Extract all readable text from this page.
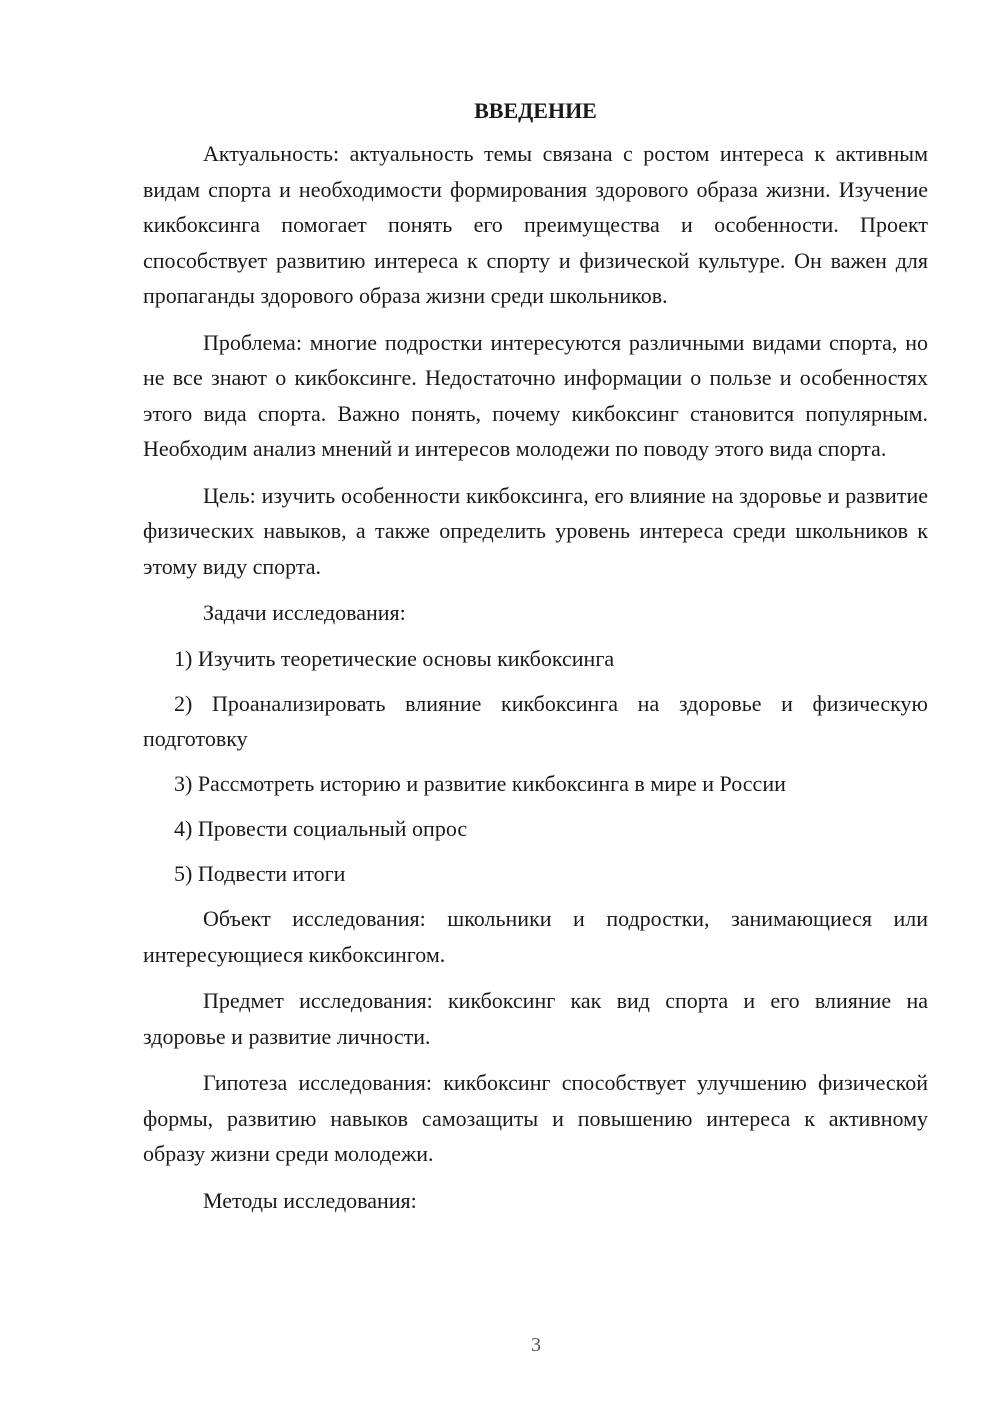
ВВЕДЕНИЕ

Актуальность: актуальность темы связана с ростом интереса к активным видам спорта и необходимости формирования здорового образа жизни. Изучение кикбоксинга помогает понять его преимущества и особенности. Проект способствует развитию интереса к спорту и физической культуре. Он важен для пропаганды здорового образа жизни среди школьников.

Проблема: многие подростки интересуются различными видами спорта, но не все знают о кикбоксинге. Недостаточно информации о пользе и особенностях этого вида спорта. Важно понять, почему кикбоксинг становится популярным. Необходим анализ мнений и интересов молодежи по поводу этого вида спорта.

Цель: изучить особенности кикбоксинга, его влияние на здоровье и развитие физических навыков, а также определить уровень интереса среди школьников к этому виду спорта.

Задачи исследования:

1) Изучить теоретические основы кикбоксинга

2) Проанализировать влияние кикбоксинга на здоровье и физическую подготовку

3) Рассмотреть историю и развитие кикбоксинга в мире и России

4) Провести социальный опрос

5) Подвести итоги

Объект исследования: школьники и подростки, занимающиеся или интересующиеся кикбоксингом.

Предмет исследования: кикбоксинг как вид спорта и его влияние на здоровье и развитие личности.

Гипотеза исследования: кикбоксинг способствует улучшению физической формы, развитию навыков самозащиты и повышению интереса к активному образу жизни среди молодежи.

Методы исследования:

3
